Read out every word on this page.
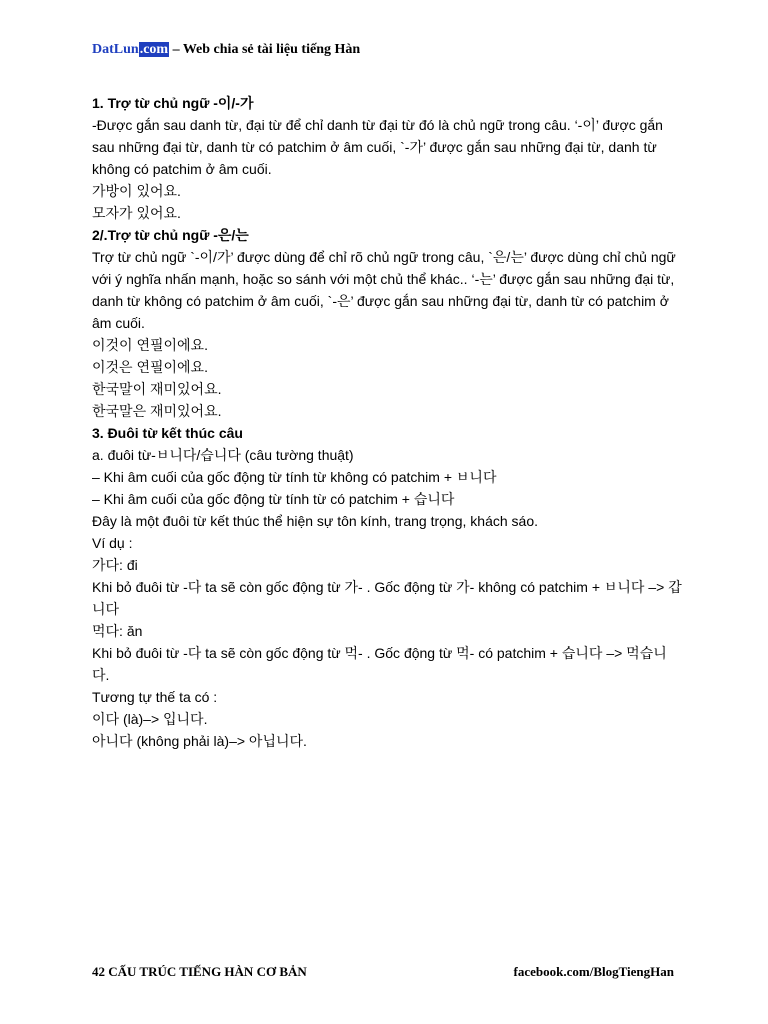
DatLun.com – Web chia sẻ tài liệu tiếng Hàn

1. Trợ từ chủ ngữ -이/-가

-Được gắn sau danh từ, đại từ để chỉ danh từ đại từ đó là chủ ngữ trong câu. ‘-이’ được gắn sau những đại từ, danh từ có patchim ở âm cuối, `-가’ được gắn sau những đại từ, danh từ không có patchim ở âm cuối.

가방이 있어요.

모자가 있어요.

2/.Trợ từ chủ ngữ -은/는

Trợ từ chủ ngữ `-이/가’ được dùng để chỉ rõ chủ ngữ trong câu, `은/는’ được dùng chỉ chủ ngữ với ý nghĩa nhấn mạnh, hoặc so sánh với một chủ thể khác.. ‘-는’ được gắn sau những đại từ, danh từ không có patchim ở âm cuối, `-은’ được gắn sau những đại từ, danh từ có patchim ở âm cuối.

이것이 연필이에요.

이것은 연필이에요.

한국말이 재미있어요.

한국말은 재미있어요.

3. Đuôi từ kết thúc câu

a. đuôi từ-ㅂ니다/습니다 (câu tường thuật)

– Khi âm cuối của gốc động từ tính từ không có patchim + ㅂ니다

– Khi âm cuối của gốc động từ tính từ có patchim + 습니다

Đây là một đuôi từ kết thúc thể hiện sự tôn kính, trang trọng, khách sáo.

Ví dụ :

가다: đi

Khi bỏ đuôi từ -다 ta sẽ còn gốc động từ 가- . Gốc động từ 가- không có patchim + ㅂ니다 –> 갑니다

먹다: ăn

Khi bỏ đuôi từ -다 ta sẽ còn gốc động từ 먹- . Gốc động từ 먹- có patchim + 습니다 –> 먹습니다.

Tương tự thế ta có :

이다 (là)–> 입니다.

아니다 (không phải là)–> 아닙니다.

42 CẤU TRÚC TIẾNG HÀN CƠ BẢN	facebook.com/BlogTiengHan
